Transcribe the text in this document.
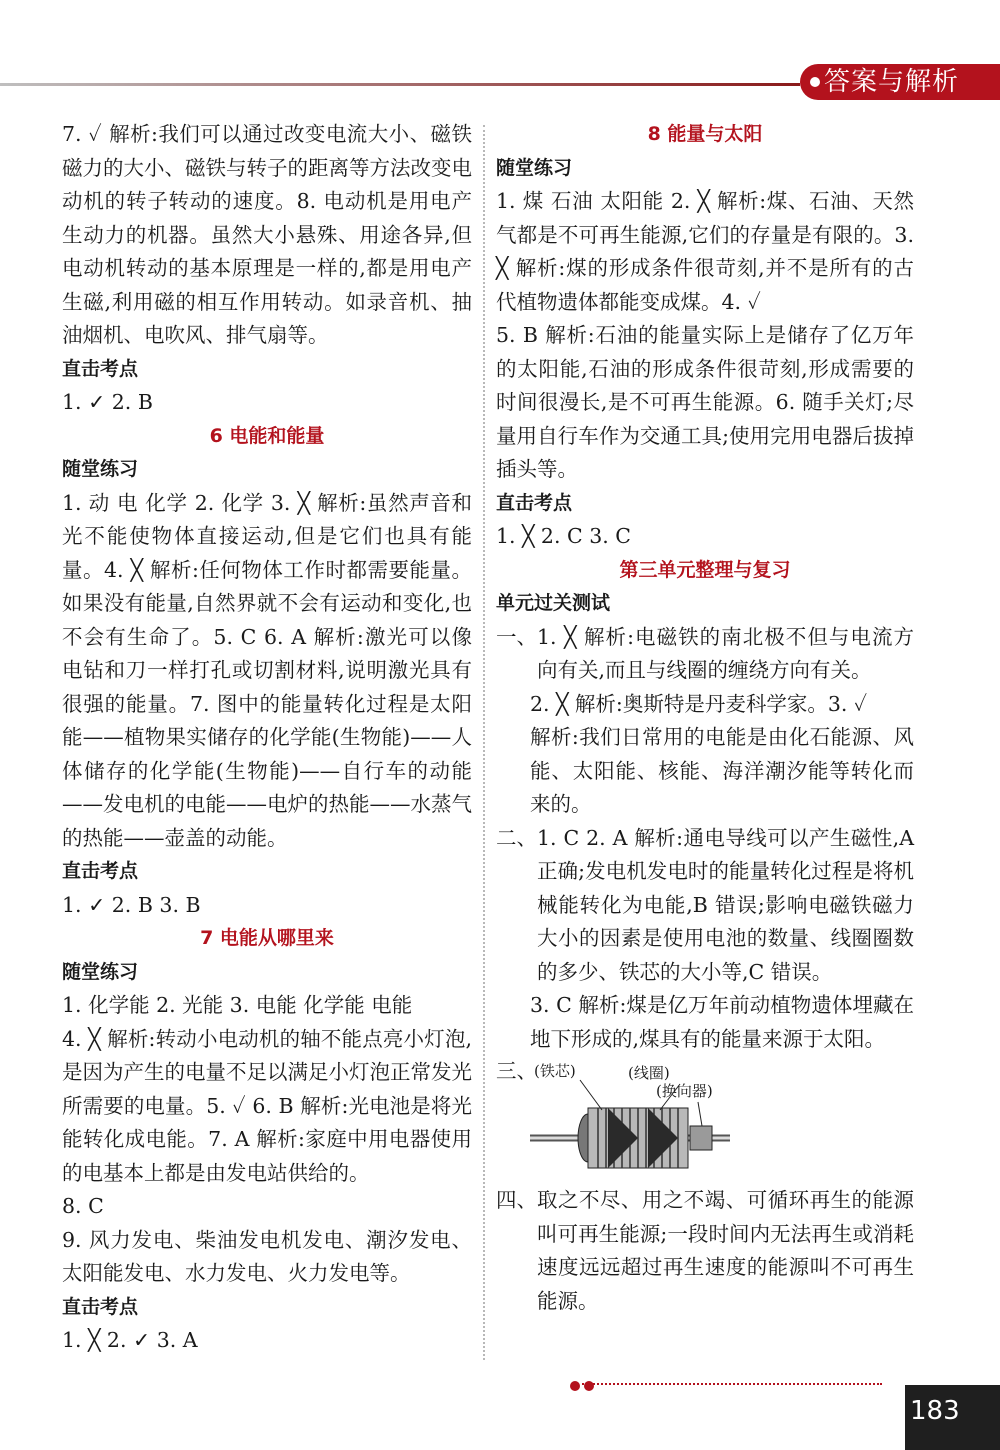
答案与解析

7. ✓ 解析:我们可以通过改变电流大小、磁铁磁力的大小、磁铁与转子的距离等方法改变电动机的转子转动的速度。8. 电动机是用电产生动力的机器。虽然大小悬殊、用途各异,但电动机转动的基本原理是一样的,都是用电产生磁,利用磁的相互作用转动。如录音机、抽油烟机、电吹风、排气扇等。

直击考点

1. ✓ 2. B

6 电能和能量

随堂练习

1. 动 电 化学 2. 化学 3. ╳ 解析:虽然声音和光不能使物体直接运动,但是它们也具有能量。4. ╳ 解析:任何物体工作时都需要能量。如果没有能量,自然界就不会有运动和变化,也不会有生命了。5. C 6. A 解析:激光可以像电钻和刀一样打孔或切割材料,说明激光具有很强的能量。7. 图中的能量转化过程是太阳能——植物果实储存的化学能(生物能)——人体储存的化学能(生物能)——自行车的动能——发电机的电能——电炉的热能——水蒸气的热能——壶盖的动能。

直击考点

1. ✓ 2. B 3. B

7 电能从哪里来

随堂练习

1. 化学能 2. 光能 3. 电能 化学能 电能

4. ╳ 解析:转动小电动机的轴不能点亮小灯泡,是因为产生的电量不足以满足小灯泡正常发光所需要的电量。5. ✓ 6. B 解析:光电池是将光能转化成电能。7. A 解析:家庭中用电器使用的电基本上都是由发电站供给的。

8. C

9. 风力发电、柴油发电机发电、潮汐发电、太阳能发电、水力发电、火力发电等。

直击考点

1. ╳ 2. ✓ 3. A

8 能量与太阳

随堂练习

1. 煤 石油 太阳能 2. ╳ 解析:煤、石油、天然气都是不可再生能源,它们的存量是有限的。3. ╳ 解析:煤的形成条件很苛刻,并不是所有的古代植物遗体都能变成煤。4. ✓

5. B 解析:石油的能量实际上是储存了亿万年的太阳能,石油的形成条件很苛刻,形成需要的时间很漫长,是不可再生能源。6. 随手关灯;尽量用自行车作为交通工具;使用完用电器后拔掉插头等。

直击考点

1. ╳ 2. C 3. C

第三单元整理与复习

单元过关测试

一、 1. ╳ 解析:电磁铁的南北极不但与电流方向有关,而且与线圈的缠绕方向有关。

2. ╳ 解析:奥斯特是丹麦科学家。3. ✓

解析:我们日常用的电能是由化石能源、风能、太阳能、核能、海洋潮汐能等转化而来的。

二、 1. C 2. A 解析:通电导线可以产生磁性,A 正确;发电机发电时的能量转化过程是将机械能转化为电能,B 错误;影响电磁铁磁力大小的因素是使用电池的数量、线圈圈数的多少、铁芯的大小等,C 错误。

3. C 解析:煤是亿万年前动植物遗体埋藏在地下形成的,煤具有的能量来源于太阳。

三、
(铁芯)	(线圈)
(换向器)
四、 取之不尽、用之不竭、可循环再生的能源叫可再生能源;一段时间内无法再生或消耗速度远远超过再生速度的能源叫不可再生能源。
183
